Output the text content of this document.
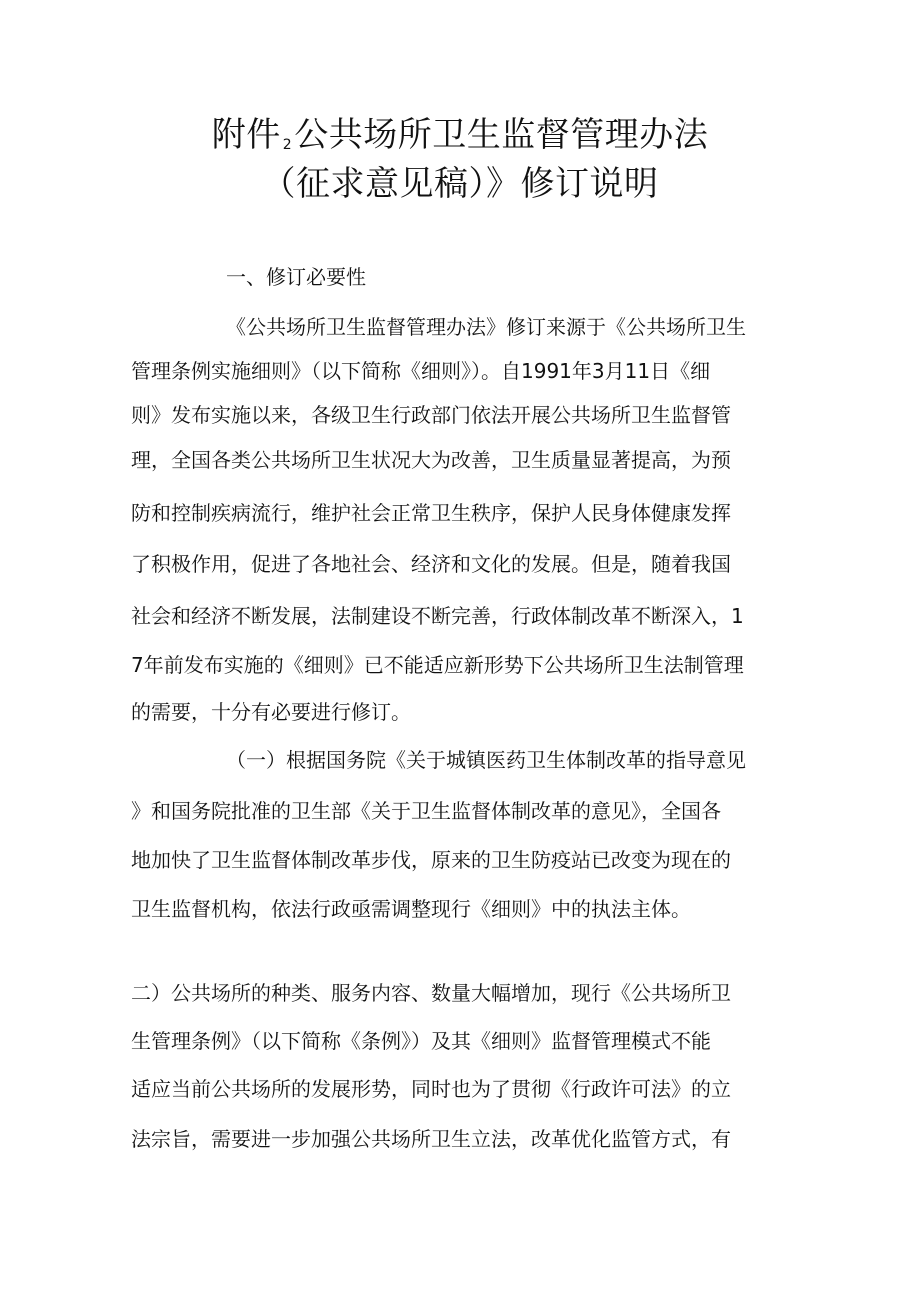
附件 2公共场所卫生监督管理办法
（征求意见稿）》修订说明
一、修订必要性
《公共场所卫生监督管理办法》修订来源于《公共场所卫生
管理条例实施细则》（以下简称《细则》）。自1991年3月11日《细
则》发布实施以来，各级卫生行政部门依法开展公共场所卫生监督管
理，全国各类公共场所卫生状况大为改善，卫生质量显著提高，为预
防和控制疾病流行，维护社会正常卫生秩序，保护人民身体健康发挥
了积极作用，促进了各地社会、经济和文化的发展。但是，随着我国
社会和经济不断发展，法制建设不断完善，行政体制改革不断深入，1
7年前发布实施的《细则》已不能适应新形势下公共场所卫生法制管理
的需要，十分有必要进行修订。
（一）根据国务院《关于城镇医药卫生体制改革的指导意见
》和国务院批准的卫生部《关于卫生监督体制改革的意见》，全国各
地加快了卫生监督体制改革步伐，原来的卫生防疫站已改变为现在的
卫生监督机构，依法行政亟需调整现行《细则》中的执法主体。
二）公共场所的种类、服务内容、数量大幅增加，现行《公共场所卫
生管理条例》（以下简称《条例》）及其《细则》监督管理模式不能
适应当前公共场所的发展形势，同时也为了贯彻《行政许可法》的立
法宗旨，需要进一步加强公共场所卫生立法，改革优化监管方式，有
